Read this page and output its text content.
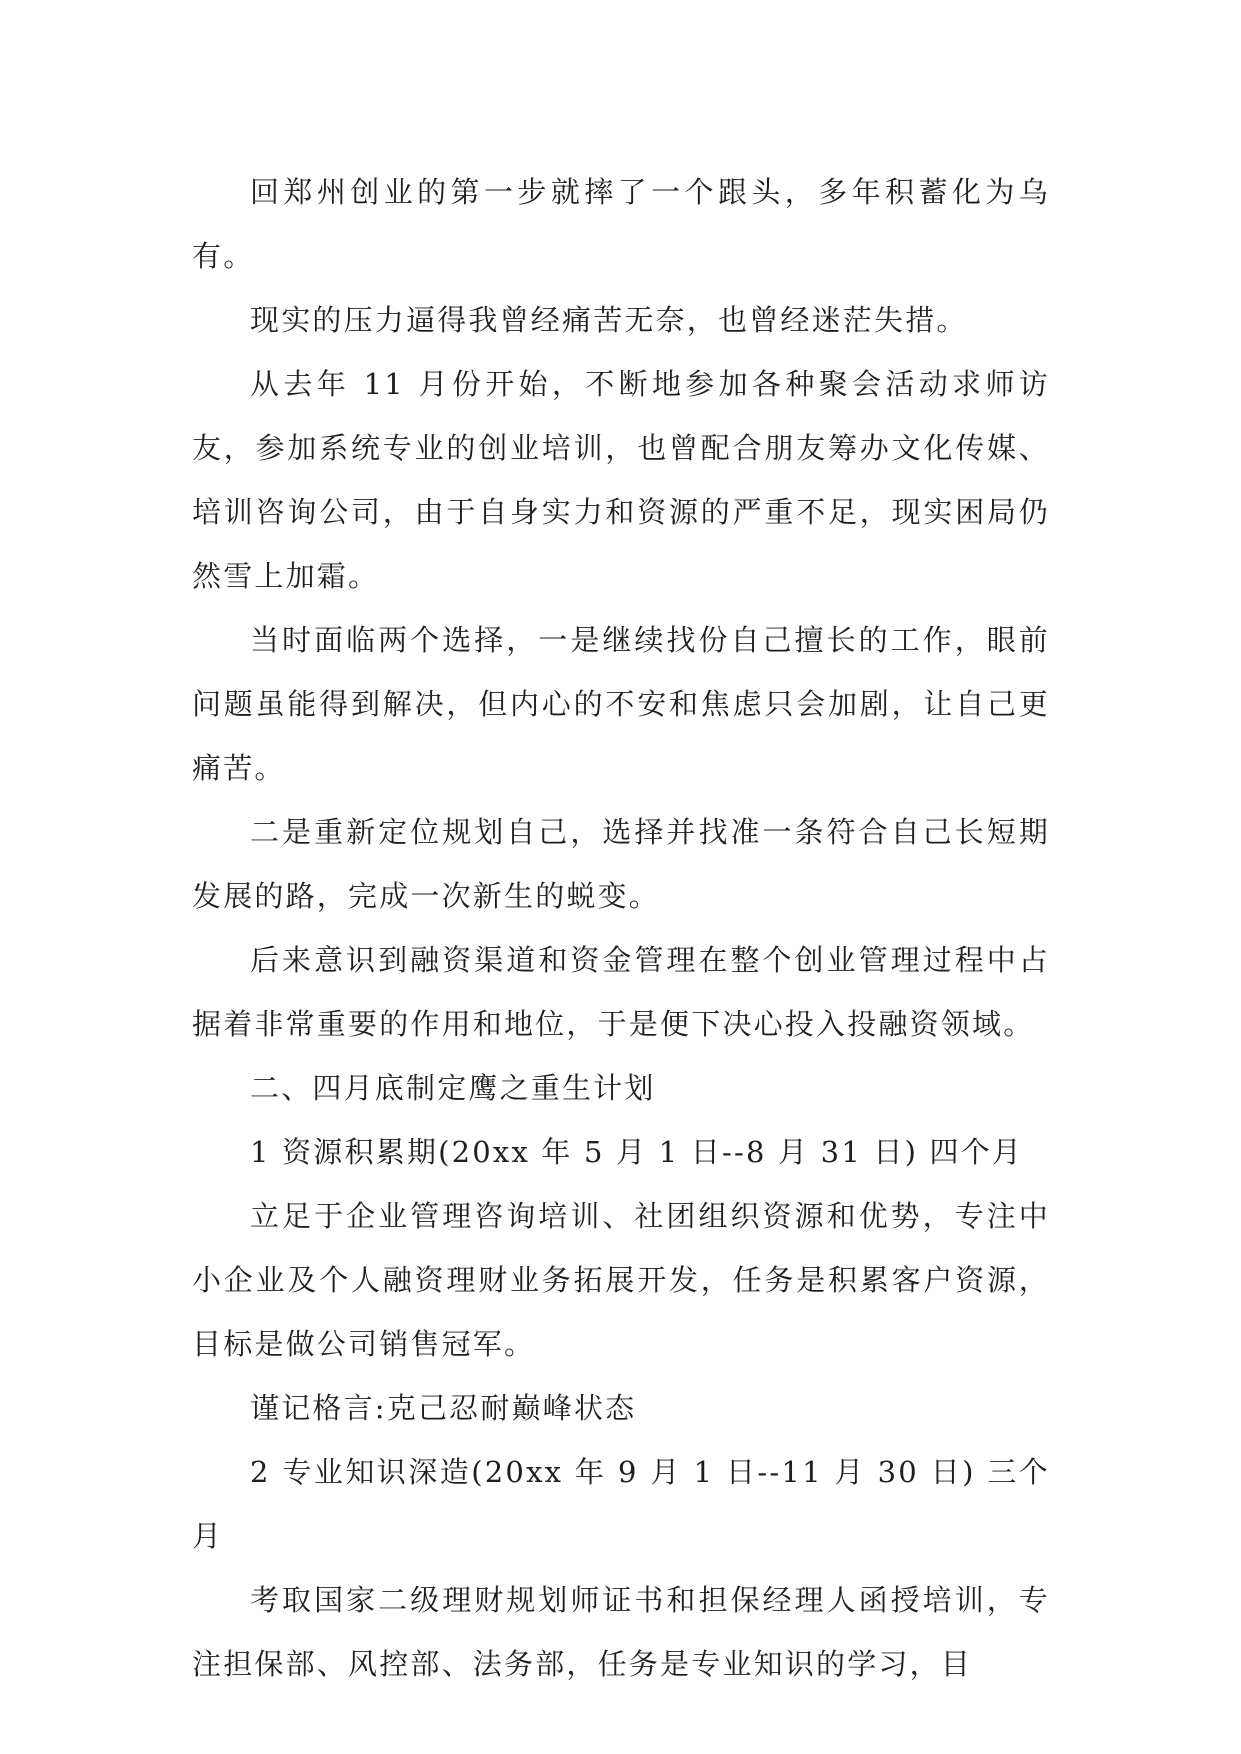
回郑州创业的第一步就摔了一个跟头，多年积蓄化为乌有。

现实的压力逼得我曾经痛苦无奈，也曾经迷茫失措。

从去年 11 月份开始，不断地参加各种聚会活动求师访友，参加系统专业的创业培训，也曾配合朋友筹办文化传媒、培训咨询公司，由于自身实力和资源的严重不足，现实困局仍然雪上加霜。

当时面临两个选择，一是继续找份自己擅长的工作，眼前问题虽能得到解决，但内心的不安和焦虑只会加剧，让自己更痛苦。

二是重新定位规划自己，选择并找准一条符合自己长短期发展的路，完成一次新生的蜕变。

后来意识到融资渠道和资金管理在整个创业管理过程中占据着非常重要的作用和地位，于是便下决心投入投融资领域。

二、四月底制定鹰之重生计划

1 资源积累期(20xx 年 5 月 1 日--8 月 31 日) 四个月

立足于企业管理咨询培训、社团组织资源和优势，专注中小企业及个人融资理财业务拓展开发，任务是积累客户资源，目标是做公司销售冠军。

谨记格言:克己忍耐巅峰状态

2 专业知识深造(20xx 年 9 月 1 日--11 月 30 日) 三个月

考取国家二级理财规划师证书和担保经理人函授培训，专注担保部、风控部、法务部，任务是专业知识的学习，目
